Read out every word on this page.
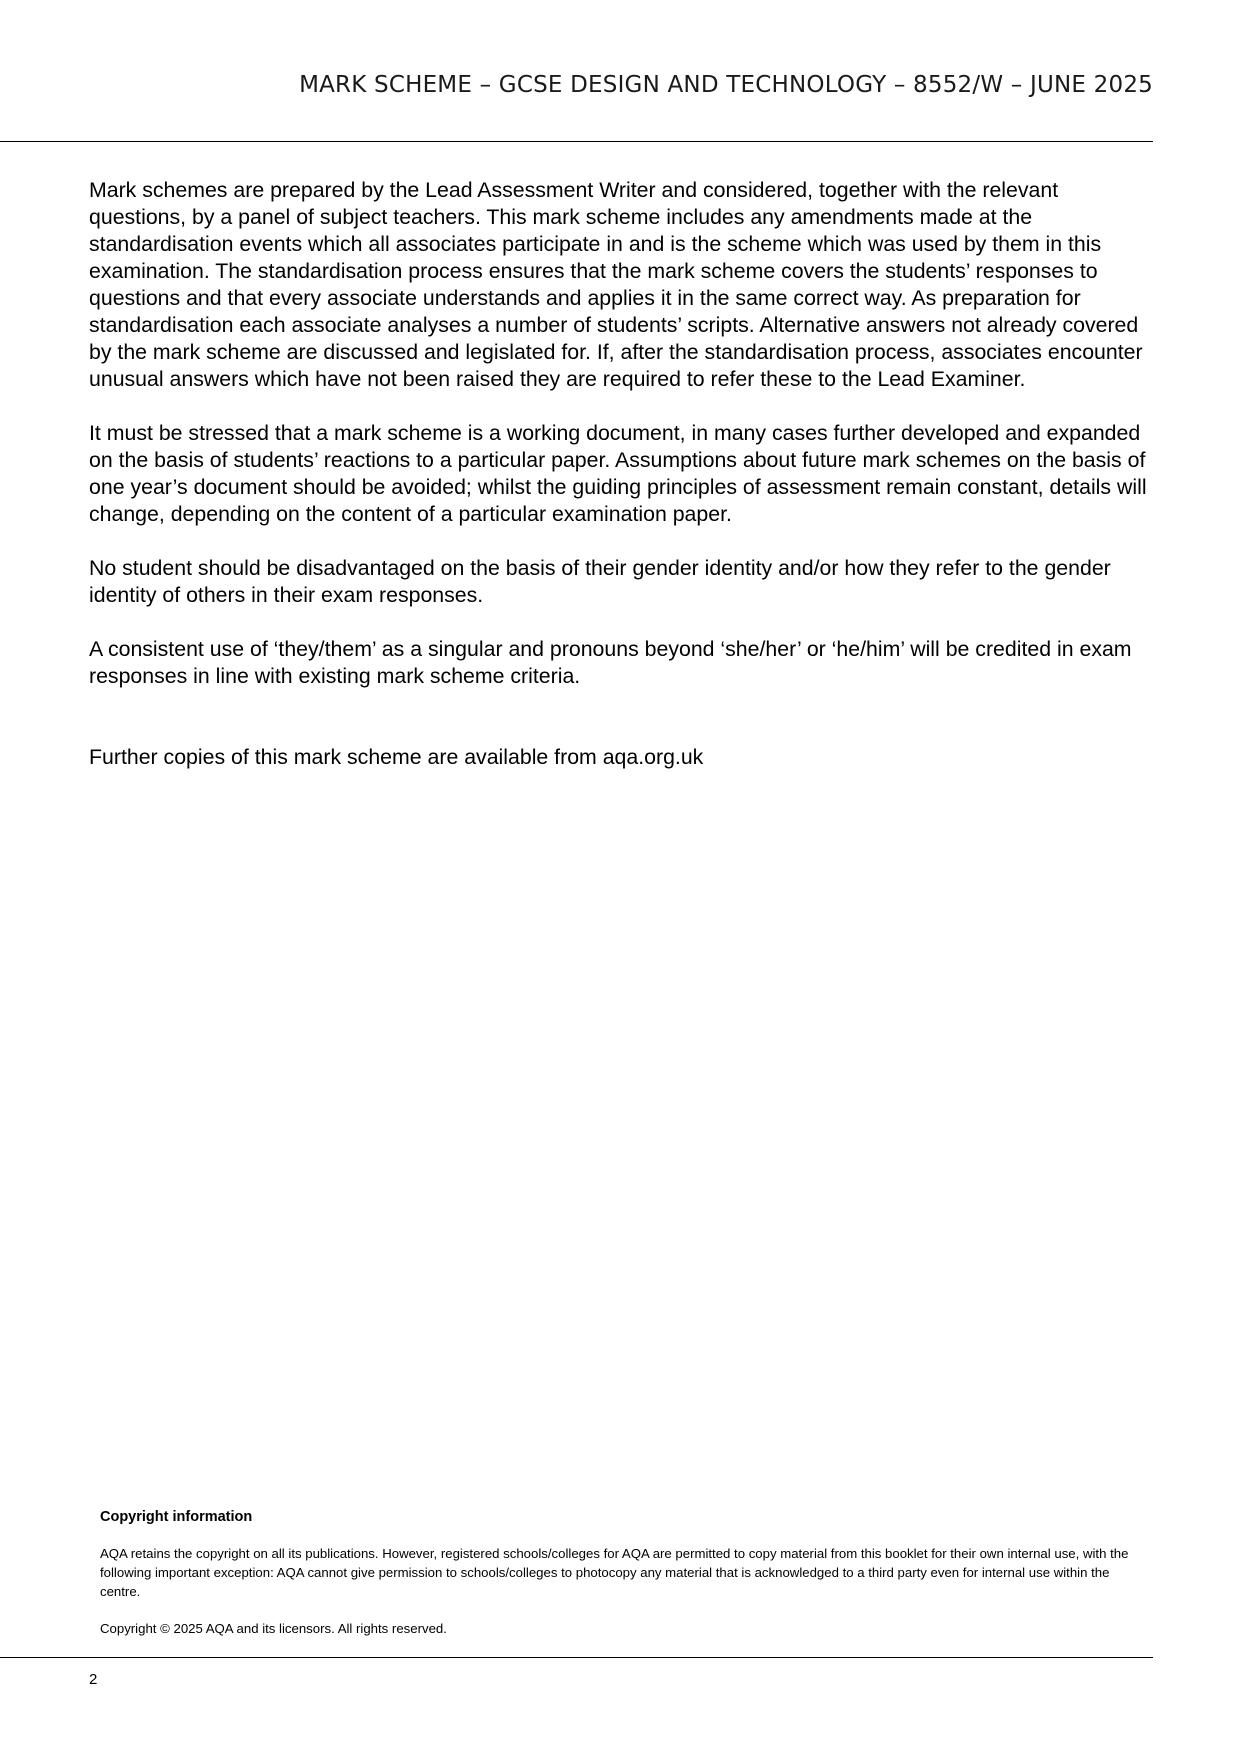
MARK SCHEME – GCSE DESIGN AND TECHNOLOGY – 8552/W – JUNE 2025

Mark schemes are prepared by the Lead Assessment Writer and considered, together with the relevant questions, by a panel of subject teachers. This mark scheme includes any amendments made at the standardisation events which all associates participate in and is the scheme which was used by them in this examination. The standardisation process ensures that the mark scheme covers the students’ responses to questions and that every associate understands and applies it in the same correct way. As preparation for standardisation each associate analyses a number of students’ scripts. Alternative answers not already covered by the mark scheme are discussed and legislated for. If, after the standardisation process, associates encounter unusual answers which have not been raised they are required to refer these to the Lead Examiner.

It must be stressed that a mark scheme is a working document, in many cases further developed and expanded on the basis of students’ reactions to a particular paper. Assumptions about future mark schemes on the basis of one year’s document should be avoided; whilst the guiding principles of assessment remain constant, details will change, depending on the content of a particular examination paper.

No student should be disadvantaged on the basis of their gender identity and/or how they refer to the gender identity of others in their exam responses.

A consistent use of ‘they/them’ as a singular and pronouns beyond ‘she/her’ or ‘he/him’ will be credited in exam responses in line with existing mark scheme criteria.

Further copies of this mark scheme are available from aqa.org.uk

Copyright information

AQA retains the copyright on all its publications. However, registered schools/colleges for AQA are permitted to copy material from this booklet for their own internal use, with the following important exception: AQA cannot give permission to schools/colleges to photocopy any material that is acknowledged to a third party even for internal use within the centre.

Copyright © 2025 AQA and its licensors. All rights reserved.

2
